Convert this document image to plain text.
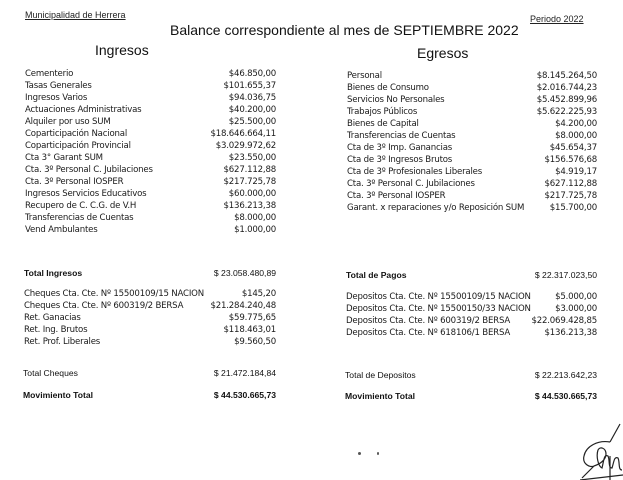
Municipalidad de Herrera
Balance correspondiente al mes de SEPTIEMBRE 2022
Periodo 2022
Ingresos	Egresos
Cementerio	$46.850,00
Tasas Generales	$101.655,37
Ingresos Varios	$94.036,75
Actuaciones Administrativas	$40.200,00
Alquiler por uso SUM	$25.500,00
Coparticipación Nacional	$18.646.664,11
Coparticipación Provincial	$3.029.972,62
Cta 3° Garant SUM	$23.550,00
Cta. 3º Personal C. Jubilaciones	$627.112,88
Cta. 3º Personal IOSPER	$217.725,78
Ingresos Servicios Educativos	$60.000,00
Recupero de C. C.G. de V.H	$136.213,38
Transferencias de Cuentas	$8.000,00
Vend Ambulantes	$1.000,00
Personal	$8.145.264,50
Bienes de Consumo	$2.016.744,23
Servicios No Personales	$5.452.899,96
Trabajos Públicos	$5.622.225,93
Bienes de Capital	$4.200,00
Transferencias de Cuentas	$8.000,00
Cta de 3º Imp. Ganancias	$45.654,37
Cta de 3º Ingresos Brutos	$156.576,68
Cta de 3º Profesionales Liberales	$4.919,17
Cta. 3º Personal C. Jubilaciones	$627.112,88
Cta. 3º Personal IOSPER	$217.725,78
Garant. x reparaciones y/o Reposición SUM	$15.700,00
Total Ingresos	$ 23.058.480,89
Cheques Cta. Cte. Nº 15500109/15 NACION	$145,20
Cheques Cta. Cte. Nº 600319/2 BERSA	$21.284.240,48
Ret. Ganacias	$59.775,65
Ret. Ing. Brutos	$118.463,01
Ret. Prof. Liberales	$9.560,50
Total Cheques	$ 21.472.184,84
Movimiento Total	$ 44.530.665,73
Total de Pagos	$ 22.317.023,50
Depositos Cta. Cte. Nº 15500109/15 NACION	$5.000,00
Depositos Cta. Cte. Nº 15500150/33 NACION	$3.000,00
Depositos Cta. Cte. Nº 600319/2 BERSA $22.069.428,85
Depositos Cta. Cte. Nº 618106/1 BERSA	$136.213,38
Total de Depositos	$ 22.213.642,23
Movimiento Total	$ 44.530.665,73
